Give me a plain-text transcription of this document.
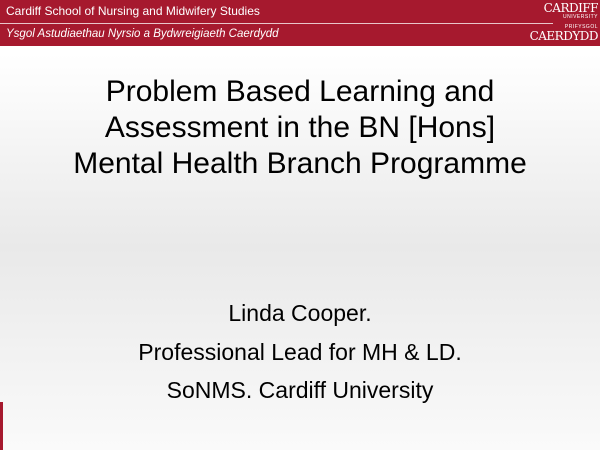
Cardiff School of Nursing and Midwifery Studies
Ysgol Astudiaethau Nyrsio a Bydwreigiaeth Caerdydd
CARDIFF
UNIVERSITY
PRIFYSGOL
CAERDYDD
Problem Based Learning and Assessment in the BN [Hons] Mental Health Branch Programme
Linda Cooper.
Professional Lead for MH & LD.
SoNMS. Cardiff University
